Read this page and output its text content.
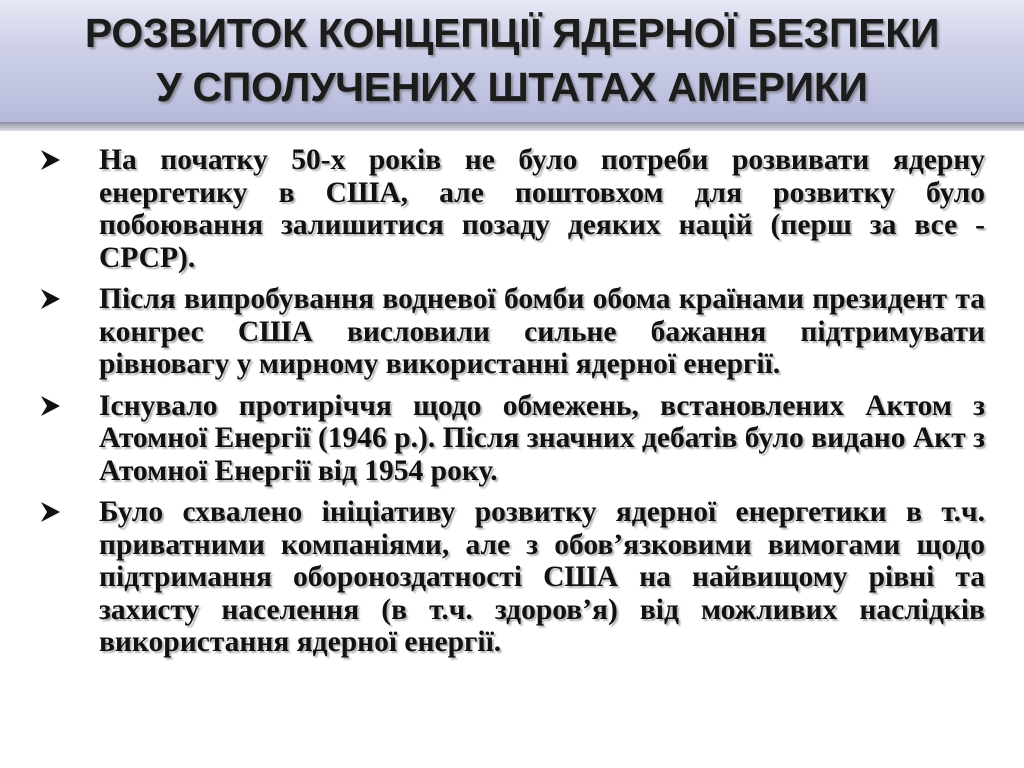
РОЗВИТОК КОНЦЕПЦІЇ ЯДЕРНОЇ БЕЗПЕКИ
У СПОЛУЧЕНИХ ШТАТАХ АМЕРИКИ

На початку 50-х років не було потреби розвивати ядерну енергетику в США, але поштовхом для розвитку було побоювання залишитися позаду деяких націй (перш за все - СРСР).

Після випробування водневої бомби обома країнами президент та конгрес США висловили сильне бажання підтримувати рівновагу у мирному використанні ядерної енергії.

Існувало протиріччя щодо обмежень, встановлених Актом з Атомної Енергії (1946 р.). Після значних дебатів було видано Акт з Атомної Енергії від 1954 року.

Було схвалено ініціативу розвитку ядерної енергетики в т.ч. приватними компаніями, але з обов’язковими вимогами щодо підтримання обороноздатності США на найвищому рівні та захисту населення (в т.ч. здоров’я) від можливих наслідків використання ядерної енергії.
